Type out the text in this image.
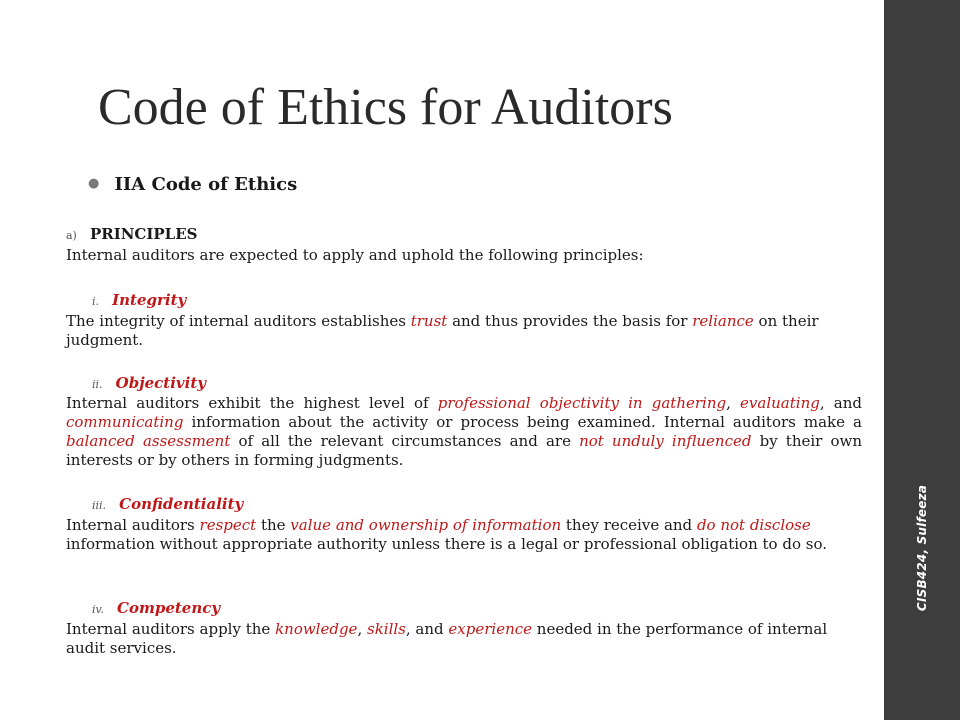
CISB424, Sulfeeza
Code of Ethics for Auditors
● IIA Code of Ethics
a) PRINCIPLES

Internal auditors are expected to apply and uphold the following principles:

i. Integrity

The integrity of internal auditors establishes trust and thus provides the basis for reliance on their judgment.

ii. Objectivity

Internal auditors exhibit the highest level of professional objectivity in gathering, evaluating, and communicating information about the activity or process being examined. Internal auditors make a balanced assessment of all the relevant circumstances and are not unduly influenced by their own interests or by others in forming judgments.

iii. Confidentiality

Internal auditors respect the value and ownership of information they receive and do not disclose information without appropriate authority unless there is a legal or professional obligation to do so.

iv. Competency

Internal auditors apply the knowledge, skills, and experience needed in the performance of internal audit services.
